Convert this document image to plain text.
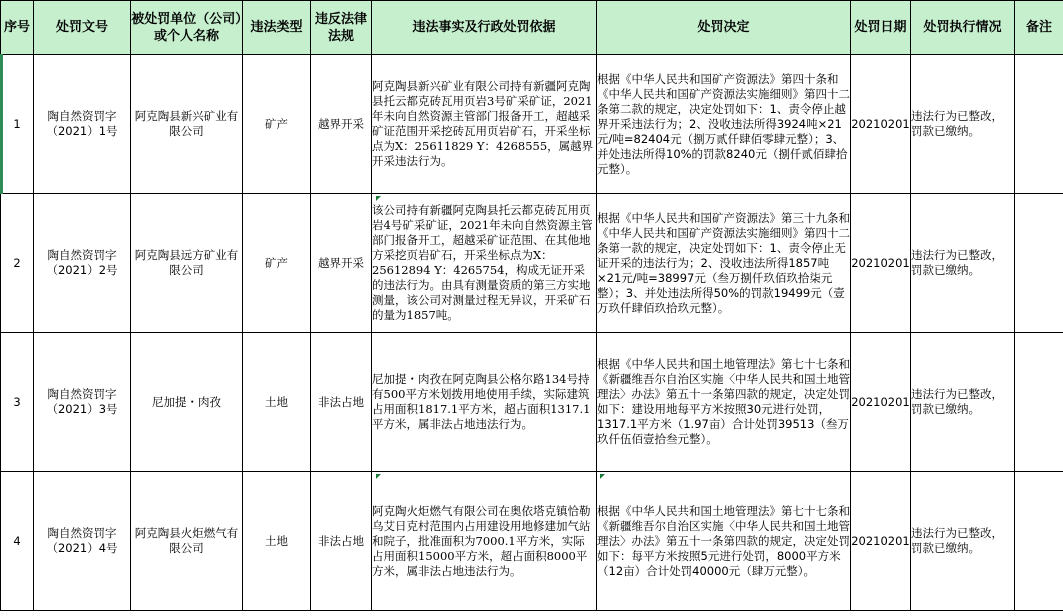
序号	处罚文号	被处罚单位（公司）或个人名称	违法类型	违反法律法规	违法事实及行政处罚依据	处罚决定	处罚日期	处罚执行情况	备注
1	陶自然资罚字（2021）1号	阿克陶县新兴矿业有限公司	矿产	越界开采	阿克陶县新兴矿业有限公司持有新疆阿克陶县托云都克砖瓦用页岩3号矿采矿证，2021年未向自然资源主管部门报备开工，超越采矿证范围开采挖砖瓦用页岩矿石，开采坐标点为X：25611829 Y：4268555，属越界开采违法行为。	根据《中华人民共和国矿产资源法》第四十条和《中华人民共和国矿产资源法实施细则》第四十二条第二款的规定，决定处罚如下：1、责令停止越界开采违法行为；2、没收违法所得3924吨×21元/吨=82404元（捌万贰仟肆佰零肆元整）；3、并处违法所得10%的罚款8240元（捌仟贰佰肆拾元整）。	20210201	违法行为已整改，罚款已缴纳。	
2	陶自然资罚字（2021）2号	阿克陶县远方矿业有限公司	矿产	越界开采	该公司持有新疆阿克陶县托云都克砖瓦用页岩4号矿采矿证，2021年未向自然资源主管部门报备开工，超越采矿证范围、在其他地方采挖页岩矿石，开采坐标点为X：25612894 Y：4265754，构成无证开采的违法行为。由具有测量资质的第三方实地测量，该公司对测量过程无异议，开采矿石的量为1857吨。	根据《中华人民共和国矿产资源法》第三十九条和《中华人民共和国矿产资源法实施细则》第四十二条第一款的规定，决定处罚如下：1、责令停止无证开采的违法行为；2、没收违法所得1857吨×21元/吨=38997元（叁万捌仟玖佰玖拾柒元整）；3、并处违法所得50%的罚款19499元（壹万玖仟肆佰玖拾玖元整）。	20210201	违法行为已整改，罚款已缴纳。	
3	陶自然资罚字（2021）3号	尼加提・肉孜	土地	非法占地	尼加提・肉孜在阿克陶县公格尔路134号持有500平方米划拨用地使用手续，实际建筑占用面积1817.1平方米，超占面积1317.1平方米，属非法占地违法行为。	根据《中华人民共和国土地管理法》第七十七条和《新疆维吾尔自治区实施〈中华人民共和国土地管理法〉办法》第五十一条第四款的规定，决定处罚如下：建设用地每平方米按照30元进行处罚，1317.1平方米（1.97亩）合计处罚39513（叁万玖仟伍佰壹拾叁元整）。	20210201	违法行为已整改，罚款已缴纳。	
4	陶自然资罚字（2021）4号	阿克陶县火炬燃气有限公司	土地	非法占地	阿克陶火炬燃气有限公司在奥依塔克镇恰勒乌艾日克村范围内占用建设用地修建加气站和院子，批准面积为7000.1平方米，实际占用面积15000平方米，超占面积8000平方米，属非法占地违法行为。	根据《中华人民共和国土地管理法》第七十七条和《新疆维吾尔自治区实施〈中华人民共和国土地管理法〉办法》第五十一条第四款的规定，决定处罚如下：每平方米按照5元进行处罚，8000平方米（12亩）合计处罚40000元（肆万元整）。	20210201	违法行为已整改，罚款已缴纳。	
